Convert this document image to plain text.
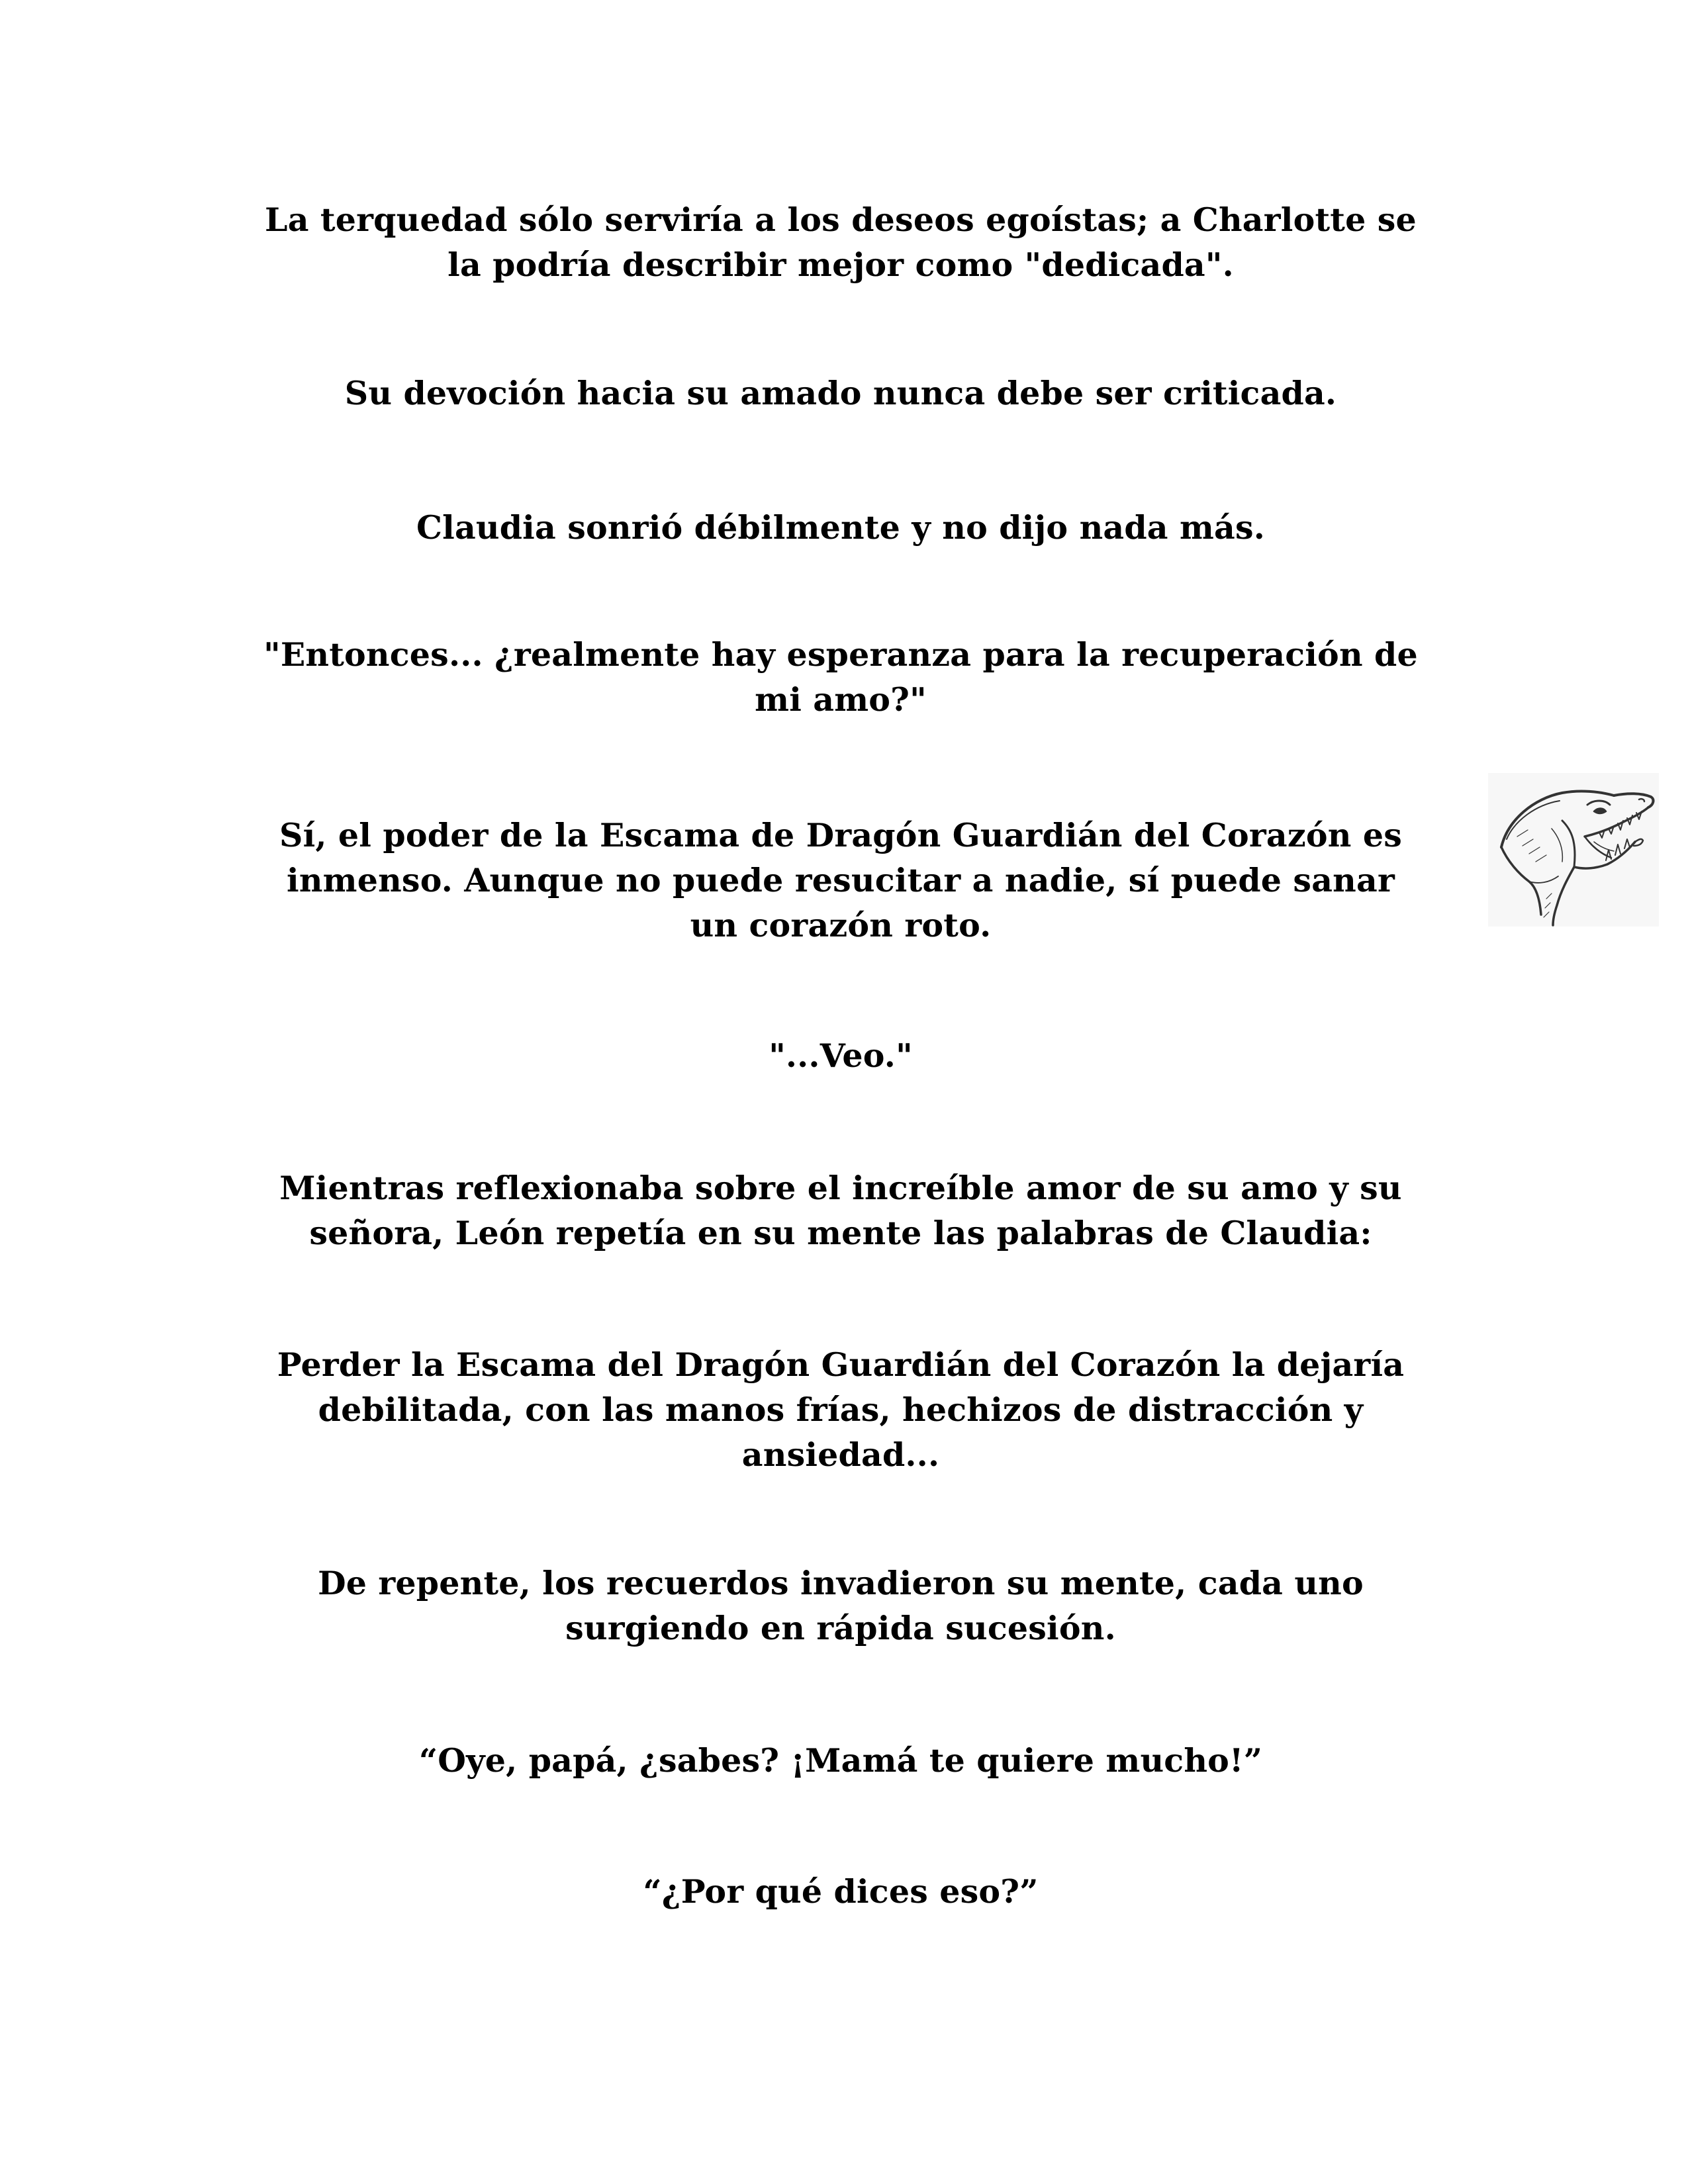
La terquedad sólo serviría a los deseos egoístas; a Charlotte se
la podría describir mejor como "dedicada".

Su devoción hacia su amado nunca debe ser criticada.

Claudia sonrió débilmente y no dijo nada más.

"Entonces... ¿realmente hay esperanza para la recuperación de
mi amo?"

Sí, el poder de la Escama de Dragón Guardián del Corazón es
inmenso. Aunque no puede resucitar a nadie, sí puede sanar
un corazón roto.

"...Veo."

Mientras reflexionaba sobre el increíble amor de su amo y su
señora, León repetía en su mente las palabras de Claudia:

Perder la Escama del Dragón Guardián del Corazón la dejaría
debilitada, con las manos frías, hechizos de distracción y
ansiedad...

De repente, los recuerdos invadieron su mente, cada uno
surgiendo en rápida sucesión.

“Oye, papá, ¿sabes? ¡Mamá te quiere mucho!”

“¿Por qué dices eso?”
